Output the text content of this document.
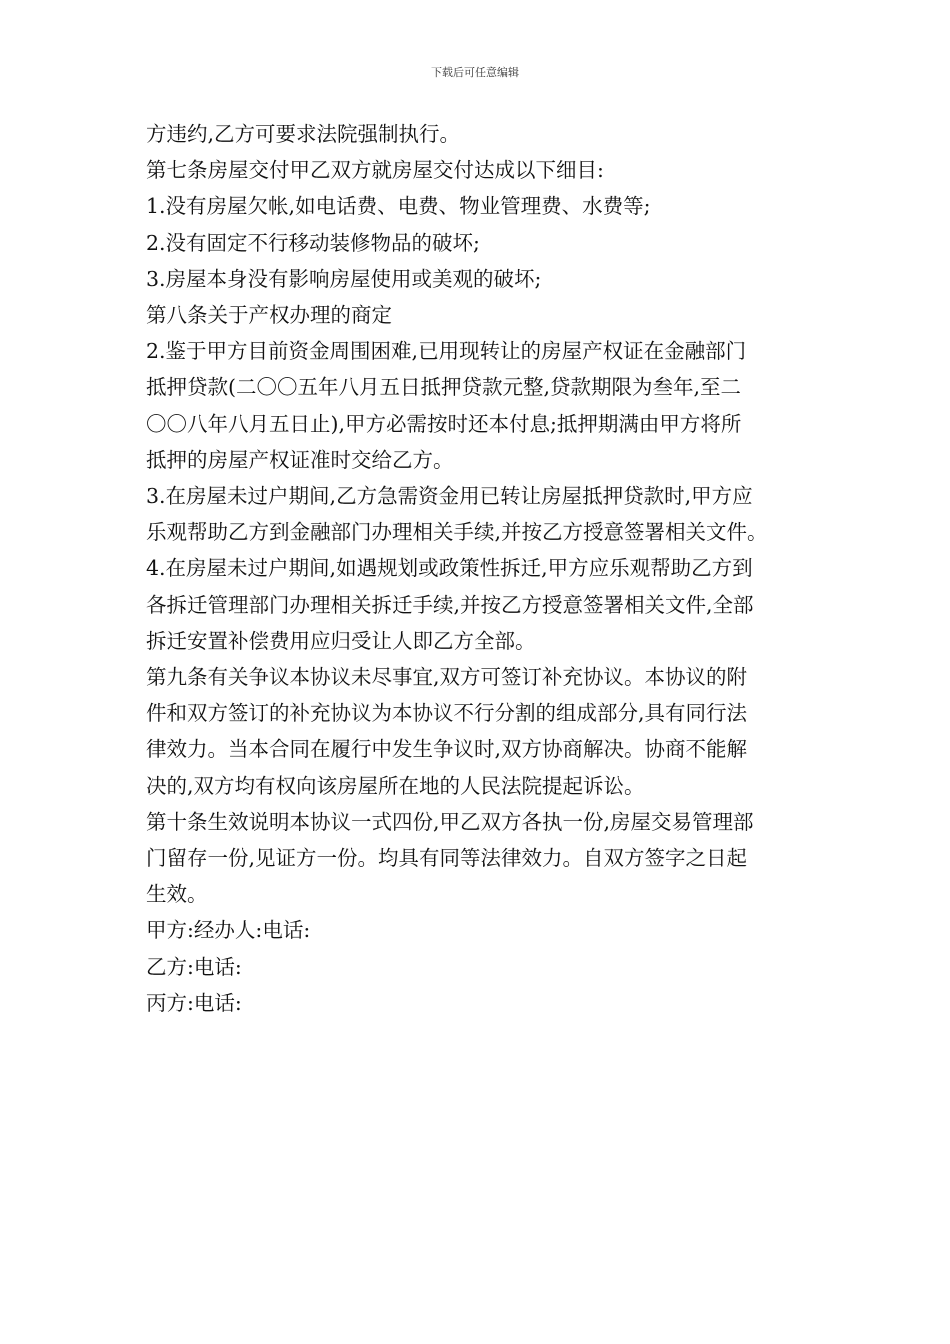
下载后可任意编辑

方违约,乙方可要求法院强制执行。

第七条房屋交付甲乙双方就房屋交付达成以下细目:

1.没有房屋欠帐,如电话费、电费、物业管理费、水费等;

2.没有固定不行移动装修物品的破坏;

3.房屋本身没有影响房屋使用或美观的破坏;

第八条关于产权办理的商定

2.鉴于甲方目前资金周围困难,已用现转让的房屋产权证在金融部门

抵押贷款(二〇〇五年八月五日抵押贷款元整,贷款期限为叁年,至二

〇〇八年八月五日止),甲方必需按时还本付息;抵押期满由甲方将所

抵押的房屋产权证准时交给乙方。

3.在房屋未过户期间,乙方急需资金用已转让房屋抵押贷款时,甲方应

乐观帮助乙方到金融部门办理相关手续,并按乙方授意签署相关文件。

4.在房屋未过户期间,如遇规划或政策性拆迁,甲方应乐观帮助乙方到

各拆迁管理部门办理相关拆迁手续,并按乙方授意签署相关文件,全部

拆迁安置补偿费用应归受让人即乙方全部。

第九条有关争议本协议未尽事宜,双方可签订补充协议。本协议的附

件和双方签订的补充协议为本协议不行分割的组成部分,具有同行法

律效力。当本合同在履行中发生争议时,双方协商解决。协商不能解

决的,双方均有权向该房屋所在地的人民法院提起诉讼。

第十条生效说明本协议一式四份,甲乙双方各执一份,房屋交易管理部

门留存一份,见证方一份。均具有同等法律效力。自双方签字之日起

生效。

甲方:经办人:电话:

乙方:电话:

丙方:电话:
